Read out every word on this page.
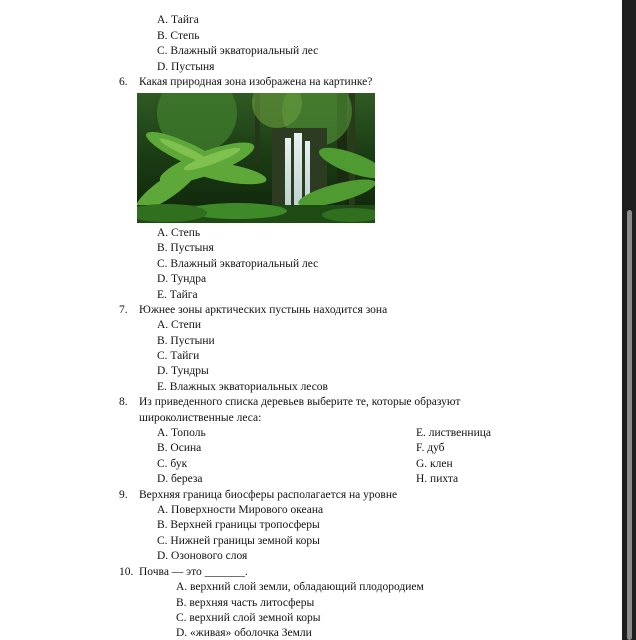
A. Тайга
B. Степь
C. Влажный экваториальный лес
D. Пустыня
6. Какая природная зона изображена на картинке?
A. Степь
B. Пустыня
C. Влажный экваториальный лес
D. Тундра
E. Тайга
7. Южнее зоны арктических пустынь находится зона
A. Степи
B. Пустыни
C. Тайги
D. Тундры
E. Влажных экваториальных лесов
8. Из приведенного списка деревьев выберите те, которые образуют
широколиственные леса:
A. Тополь
B. Осина
C. бук
D. береза
E. лиственница
F. дуб
G. клен
H. пихта
9. Верхняя граница биосферы располагается на уровне
A. Поверхности Мирового океана
B. Верхней границы тропосферы
C. Нижней границы земной коры
D. Озонового слоя
10. Почва — это _______.
A. верхний слой земли, обладающий плодородием
B. верхняя часть литосферы
C. верхний слой земной коры
D. «живая» оболочка Земли
